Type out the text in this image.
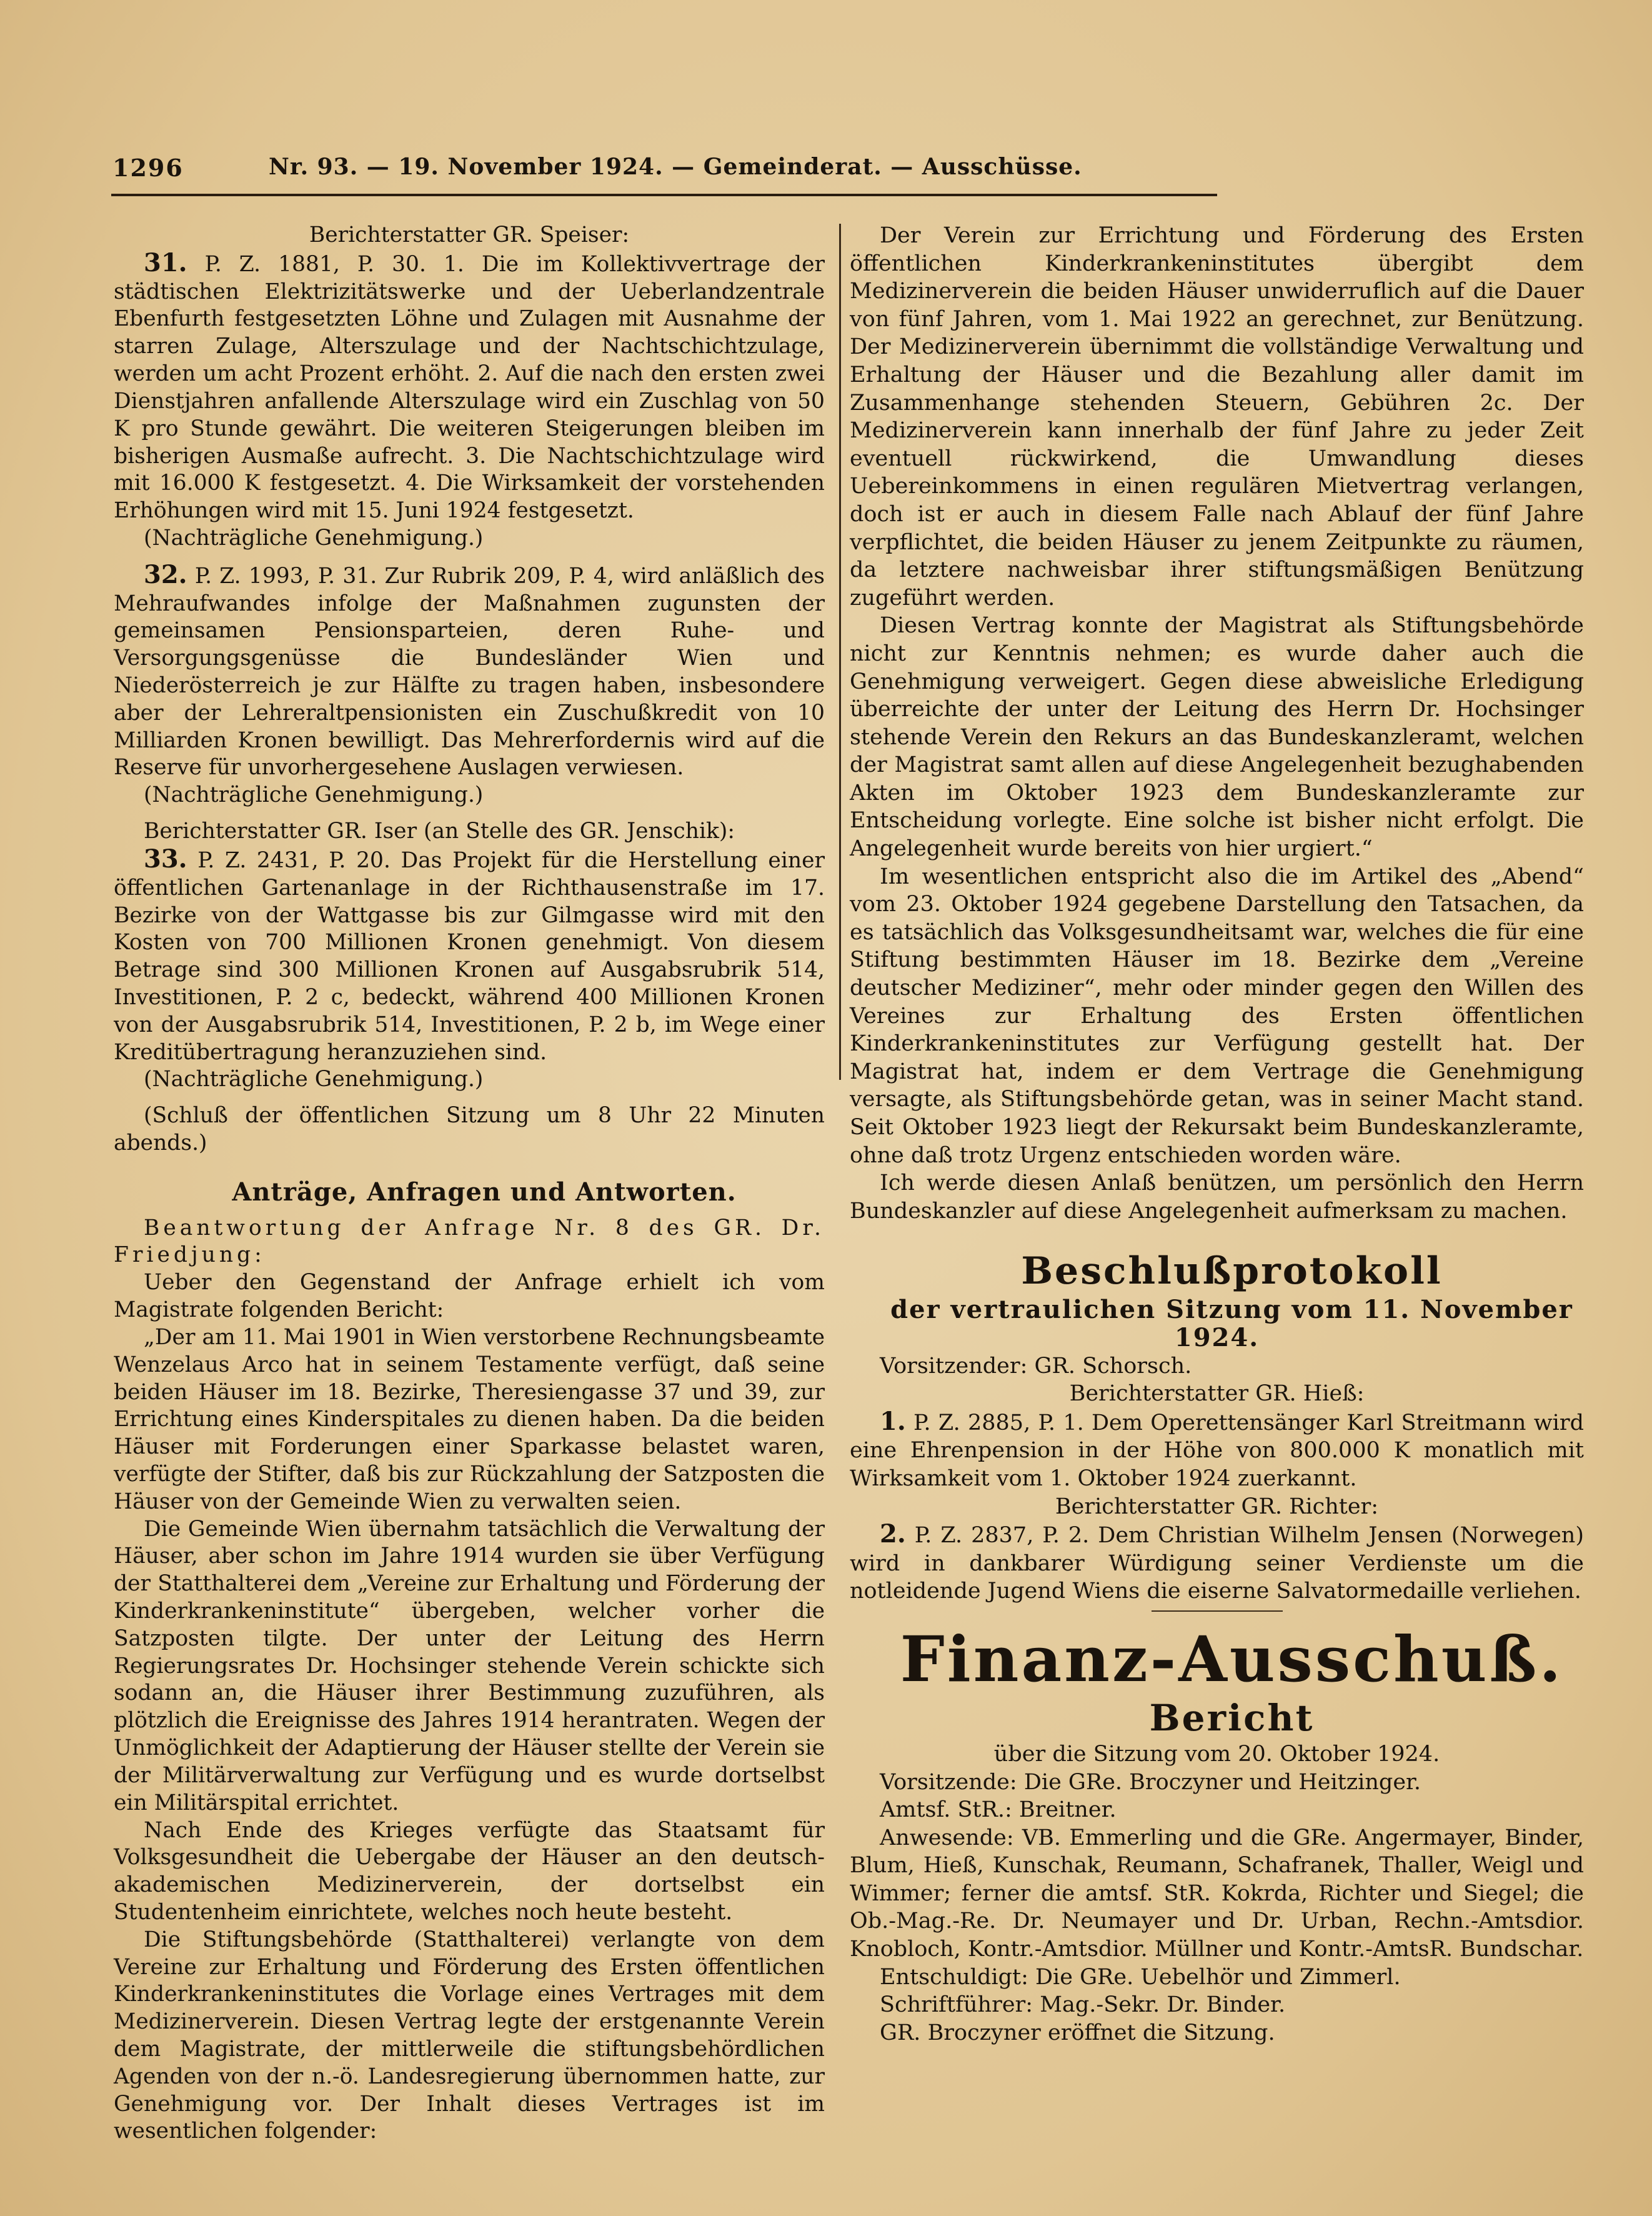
1296	Nr. 93. — 19. November 1924. — Gemeinderat. — Ausschüsse.

Berichterstatter GR. Speiser:

31. P. Z. 1881, P. 30. 1. Die im Kollektivvertrage der städtischen Elektrizitätswerke und der Ueberlandzentrale Ebenfurth festgesetzten Löhne und Zulagen mit Ausnahme der starren Zulage, Alterszulage und der Nachtschichtzulage, werden um acht Prozent erhöht. 2. Auf die nach den ersten zwei Dienstjahren anfallende Alterszulage wird ein Zuschlag von 50 K pro Stunde gewährt. Die weiteren Steigerungen bleiben im bisherigen Ausmaße aufrecht. 3. Die Nachtschichtzulage wird mit 16.000 K festgesetzt. 4. Die Wirksamkeit der vorstehenden Erhöhungen wird mit 15. Juni 1924 festgesetzt.

(Nachträgliche Genehmigung.)

32. P. Z. 1993, P. 31. Zur Rubrik 209, P. 4, wird anläßlich des Mehraufwandes infolge der Maßnahmen zugunsten der gemeinsamen Pensionsparteien, deren Ruhe- und Versorgungsgenüsse die Bundesländer Wien und Niederösterreich je zur Hälfte zu tragen haben, insbesondere aber der Lehreraltpensionisten ein Zuschußkredit von 10 Milliarden Kronen bewilligt. Das Mehrerfordernis wird auf die Reserve für unvorhergesehene Auslagen verwiesen.

(Nachträgliche Genehmigung.)

Berichterstatter GR. Iser (an Stelle des GR. Jenschik):

33. P. Z. 2431, P. 20. Das Projekt für die Herstellung einer öffentlichen Gartenanlage in der Richthausenstraße im 17. Bezirke von der Wattgasse bis zur Gilmgasse wird mit den Kosten von 700 Millionen Kronen genehmigt. Von diesem Betrage sind 300 Millionen Kronen auf Ausgabsrubrik 514, Investitionen, P. 2 c, bedeckt, während 400 Millionen Kronen von der Ausgabsrubrik 514, Investitionen, P. 2 b, im Wege einer Kreditübertragung heranzuziehen sind.

(Nachträgliche Genehmigung.)

(Schluß der öffentlichen Sitzung um 8 Uhr 22 Minuten abends.)

Anträge, Anfragen und Antworten.

Beantwortung der Anfrage Nr. 8 des GR. Dr. Friedjung:

Ueber den Gegenstand der Anfrage erhielt ich vom Magistrate folgenden Bericht:

„Der am 11. Mai 1901 in Wien verstorbene Rechnungsbeamte Wenzelaus Arco hat in seinem Testamente verfügt, daß seine beiden Häuser im 18. Bezirke, Theresiengasse 37 und 39, zur Errichtung eines Kinderspitales zu dienen haben. Da die beiden Häuser mit Forderungen einer Sparkasse belastet waren, verfügte der Stifter, daß bis zur Rückzahlung der Satzposten die Häuser von der Gemeinde Wien zu verwalten seien.

Die Gemeinde Wien übernahm tatsächlich die Verwaltung der Häuser, aber schon im Jahre 1914 wurden sie über Verfügung der Statthalterei dem „Vereine zur Erhaltung und Förderung der Kinderkrankeninstitute“ übergeben, welcher vorher die Satzposten tilgte. Der unter der Leitung des Herrn Regierungsrates Dr. Hochsinger stehende Verein schickte sich sodann an, die Häuser ihrer Bestimmung zuzuführen, als plötzlich die Ereignisse des Jahres 1914 herantraten. Wegen der Unmöglichkeit der Adaptierung der Häuser stellte der Verein sie der Militärverwaltung zur Verfügung und es wurde dortselbst ein Militärspital errichtet.

Nach Ende des Krieges verfügte das Staatsamt für Volksgesundheit die Uebergabe der Häuser an den deutsch-akademischen Medizinerverein, der dortselbst ein Studentenheim einrichtete, welches noch heute besteht.

Die Stiftungsbehörde (Statthalterei) verlangte von dem Vereine zur Erhaltung und Förderung des Ersten öffentlichen Kinderkrankeninstitutes die Vorlage eines Vertrages mit dem Medizinerverein. Diesen Vertrag legte der erstgenannte Verein dem Magistrate, der mittlerweile die stiftungsbehördlichen Agenden von der n.-ö. Landesregierung übernommen hatte, zur Genehmigung vor. Der Inhalt dieses Vertrages ist im wesentlichen folgender:

Der Verein zur Errichtung und Förderung des Ersten öffentlichen Kinderkrankeninstitutes übergibt dem Medizinerverein die beiden Häuser unwiderruflich auf die Dauer von fünf Jahren, vom 1. Mai 1922 an gerechnet, zur Benützung. Der Medizinerverein übernimmt die vollständige Verwaltung und Erhaltung der Häuser und die Bezahlung aller damit im Zusammenhange stehenden Steuern, Gebühren 2c. Der Medizinerverein kann innerhalb der fünf Jahre zu jeder Zeit eventuell rückwirkend, die Umwandlung dieses Uebereinkommens in einen regulären Mietvertrag verlangen, doch ist er auch in diesem Falle nach Ablauf der fünf Jahre verpflichtet, die beiden Häuser zu jenem Zeitpunkte zu räumen, da letztere nachweisbar ihrer stiftungsmäßigen Benützung zugeführt werden.

Diesen Vertrag konnte der Magistrat als Stiftungsbehörde nicht zur Kenntnis nehmen; es wurde daher auch die Genehmigung verweigert. Gegen diese abweisliche Erledigung überreichte der unter der Leitung des Herrn Dr. Hochsinger stehende Verein den Rekurs an das Bundeskanzleramt, welchen der Magistrat samt allen auf diese Angelegenheit bezughabenden Akten im Oktober 1923 dem Bundeskanzleramte zur Entscheidung vorlegte. Eine solche ist bisher nicht erfolgt. Die Angelegenheit wurde bereits von hier urgiert.“

Im wesentlichen entspricht also die im Artikel des „Abend“ vom 23. Oktober 1924 gegebene Darstellung den Tatsachen, da es tatsächlich das Volksgesundheitsamt war, welches die für eine Stiftung bestimmten Häuser im 18. Bezirke dem „Vereine deutscher Mediziner“, mehr oder minder gegen den Willen des Vereines zur Erhaltung des Ersten öffentlichen Kinderkrankeninstitutes zur Verfügung gestellt hat. Der Magistrat hat, indem er dem Vertrage die Genehmigung versagte, als Stiftungsbehörde getan, was in seiner Macht stand. Seit Oktober 1923 liegt der Rekursakt beim Bundeskanzleramte, ohne daß trotz Urgenz entschieden worden wäre.

Ich werde diesen Anlaß benützen, um persönlich den Herrn Bundeskanzler auf diese Angelegenheit aufmerksam zu machen.

Beschlußprotokoll

der vertraulichen Sitzung vom 11. November 1924.

Vorsitzender: GR. Schorsch.

Berichterstatter GR. Hieß:

1. P. Z. 2885, P. 1. Dem Operettensänger Karl Streitmann wird eine Ehrenpension in der Höhe von 800.000 K monatlich mit Wirksamkeit vom 1. Oktober 1924 zuerkannt.

Berichterstatter GR. Richter:

2. P. Z. 2837, P. 2. Dem Christian Wilhelm Jensen (Norwegen) wird in dankbarer Würdigung seiner Verdienste um die notleidende Jugend Wiens die eiserne Salvatormedaille verliehen.

Finanz-Ausschuß.

Bericht

über die Sitzung vom 20. Oktober 1924.

Vorsitzende: Die GRe. Broczyner und Heitzinger.

Amtsf. StR.: Breitner.

Anwesende: VB. Emmerling und die GRe. Angermayer, Binder, Blum, Hieß, Kunschak, Reumann, Schafranek, Thaller, Weigl und Wimmer; ferner die amtsf. StR. Kokrda, Richter und Siegel; die Ob.-Mag.-Re. Dr. Neumayer und Dr. Urban, Rechn.-Amtsdior. Knobloch, Kontr.-Amtsdior. Müllner und Kontr.-AmtsR. Bundschar.

Entschuldigt: Die GRe. Uebelhör und Zimmerl.

Schriftführer: Mag.-Sekr. Dr. Binder.

GR. Broczyner eröffnet die Sitzung.
